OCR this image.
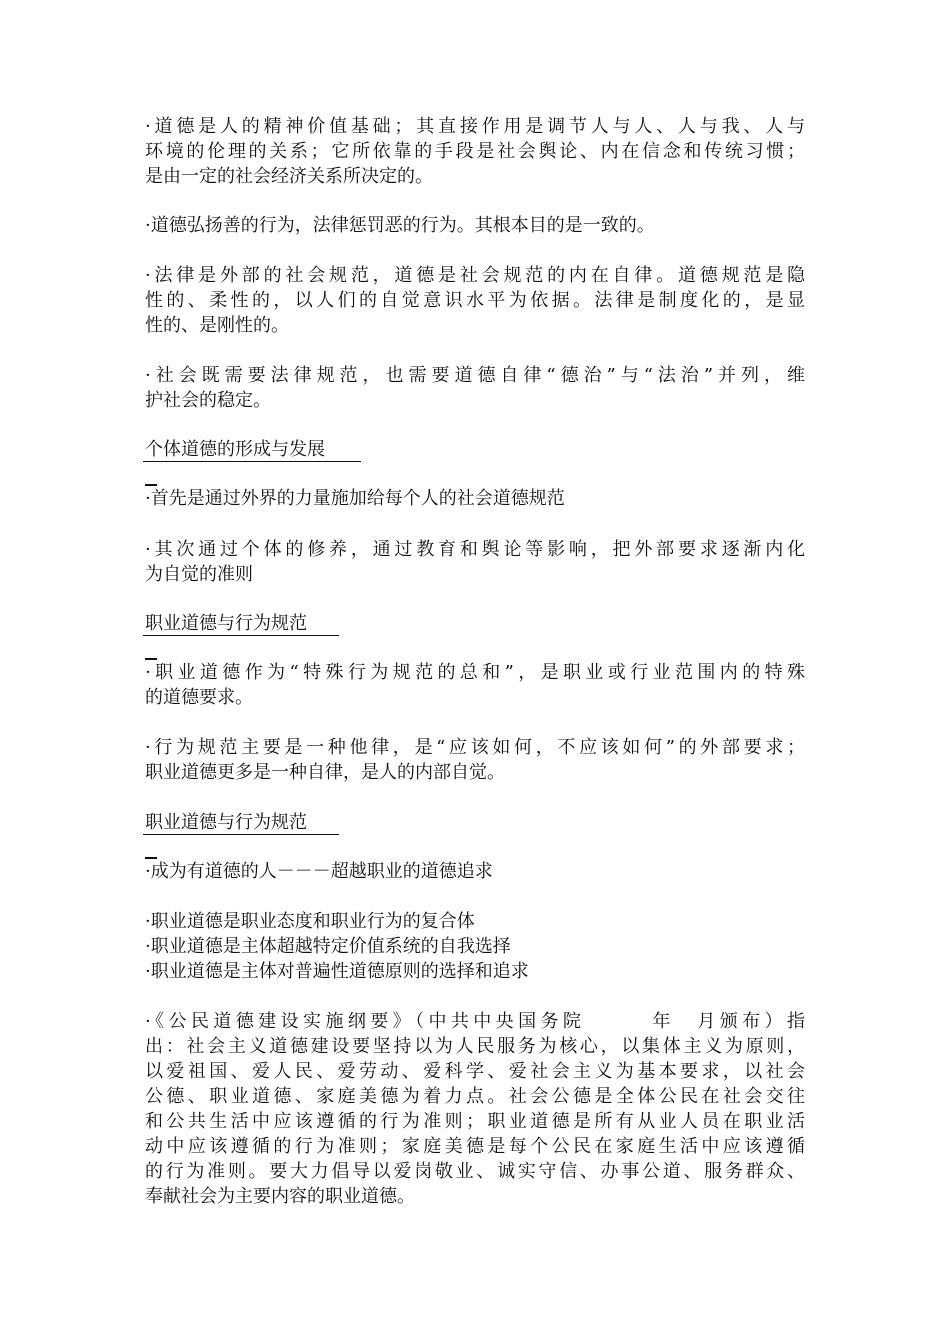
·道德是人的精神价值基础；其直接作用是调节人与人、人与我、人与
环境的伦理的关系；它所依靠的手段是社会舆论、内在信念和传统习惯；
是由一定的社会经济关系所决定的。
·道德弘扬善的行为，法律惩罚恶的行为。其根本目的是一致的。
·法律是外部的社会规范，道德是社会规范的内在自律。道德规范是隐
性的、柔性的，以人们的自觉意识水平为依据。法律是制度化的，是显
性的、是刚性的。
·社会既需要法律规范，也需要道德自律“德治”与“法治”并列，维
护社会的稳定。
个体道德的形成与发展
·首先是通过外界的力量施加给每个人的社会道德规范
·其次通过个体的修养，通过教育和舆论等影响，把外部要求逐渐内化
为自觉的准则
职业道德与行为规范
·职业道德作为“特殊行为规范的总和”，是职业或行业范围内的特殊
的道德要求。
·行为规范主要是一种他律，是“应该如何，不应该如何”的外部要求；
职业道德更多是一种自律，是人的内部自觉。
职业道德与行为规范
·成为有道德的人－－－超越职业的道德追求
·职业道德是职业态度和职业行为的复合体
·职业道德是主体超越特定价值系统的自我选择
·职业道德是主体对普遍性道德原则的选择和追求
·《公民道德建设实施纲要》（中共中央国务院　　　年　月颁布）指
出：社会主义道德建设要坚持以为人民服务为核心，以集体主义为原则，
以爱祖国、爱人民、爱劳动、爱科学、爱社会主义为基本要求，以社会
公德、职业道德、家庭美德为着力点。社会公德是全体公民在社会交往
和公共生活中应该遵循的行为准则；职业道德是所有从业人员在职业活
动中应该遵循的行为准则；家庭美德是每个公民在家庭生活中应该遵循
的行为准则。要大力倡导以爱岗敬业、诚实守信、办事公道、服务群众、
奉献社会为主要内容的职业道德。
